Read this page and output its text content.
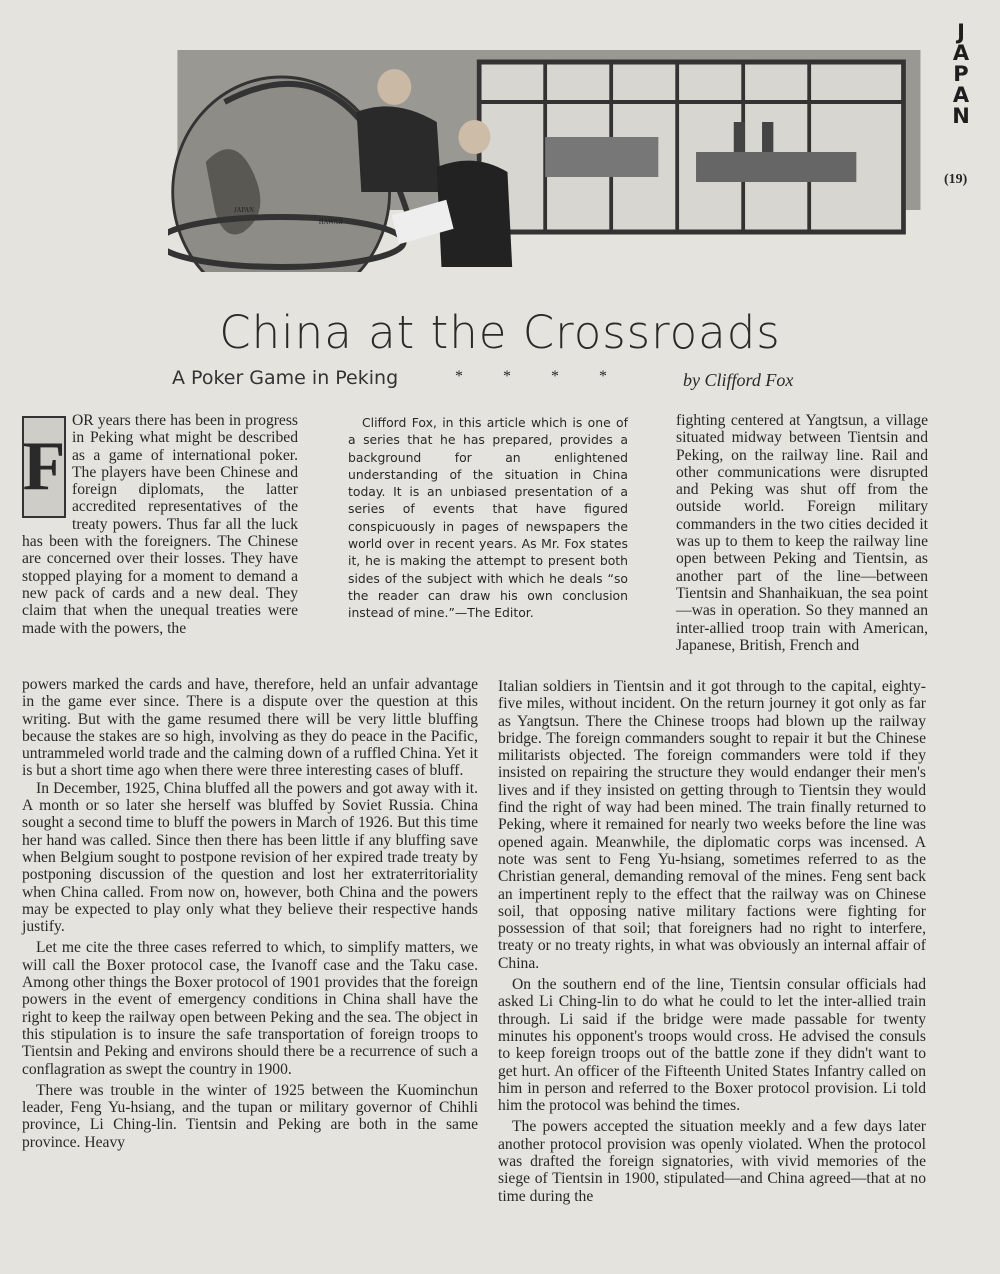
J
A
P
A
N
(19)
JAPAN
HAWAII
China at the Crossroads
A Poker Game in Peking	* * * *	by Clifford Fox
F

OR years there has been in progress in Peking what might be described as a game of international poker. The players have been Chinese and foreign diplomats, the latter accredited representatives of the treaty powers. Thus far all the luck has been with the foreigners. The Chinese are concerned over their losses. They have stopped playing for a moment to demand a new pack of cards and a new deal. They claim that when the unequal treaties were made with the powers, the

Clifford Fox, in this article which is one of a series that he has prepared, provides a background for an enlightened understanding of the situation in China today. It is an unbiased presentation of a series of events that have figured conspicuously in pages of newspapers the world over in recent years. As Mr. Fox states it, he is making the attempt to present both sides of the subject with which he deals “so the reader can draw his own conclusion instead of mine.”—The Editor.

fighting centered at Yangtsun, a village situated midway between Tientsin and Peking, on the railway line. Rail and other communications were disrupted and Peking was shut off from the outside world. Foreign military commanders in the two cities decided it was up to them to keep the railway line open between Peking and Tientsin, as another part of the line—between Tientsin and Shanhaikuan, the sea point—was in operation. So they manned an inter-allied troop train with American, Japanese, British, French and

powers marked the cards and have, therefore, held an unfair advantage in the game ever since. There is a dispute over the question at this writing. But with the game resumed there will be very little bluffing because the stakes are so high, involving as they do peace in the Pacific, untrammeled world trade and the calming down of a ruffled China. Yet it is but a short time ago when there were three interesting cases of bluff.

In December, 1925, China bluffed all the powers and got away with it. A month or so later she herself was bluffed by Soviet Russia. China sought a second time to bluff the powers in March of 1926. But this time her hand was called. Since then there has been little if any bluffing save when Belgium sought to postpone revision of her expired trade treaty by postponing discussion of the question and lost her extraterritoriality when China called. From now on, however, both China and the powers may be expected to play only what they believe their respective hands justify.

Let me cite the three cases referred to which, to simplify matters, we will call the Boxer protocol case, the Ivanoff case and the Taku case. Among other things the Boxer protocol of 1901 provides that the foreign powers in the event of emergency conditions in China shall have the right to keep the railway open between Peking and the sea. The object in this stipulation is to insure the safe transportation of foreign troops to Tientsin and Peking and environs should there be a recurrence of such a conflagration as swept the country in 1900.

There was trouble in the winter of 1925 between the Kuominchun leader, Feng Yu-hsiang, and the tupan or military governor of Chihli province, Li Ching-lin. Tientsin and Peking are both in the same province. Heavy

Italian soldiers in Tientsin and it got through to the capital, eighty-five miles, without incident. On the return journey it got only as far as Yangtsun. There the Chinese troops had blown up the railway bridge. The foreign commanders sought to repair it but the Chinese militarists objected. The foreign commanders were told if they insisted on repairing the structure they would endanger their men's lives and if they insisted on getting through to Tientsin they would find the right of way had been mined. The train finally returned to Peking, where it remained for nearly two weeks before the line was opened again. Meanwhile, the diplomatic corps was incensed. A note was sent to Feng Yu-hsiang, sometimes referred to as the Christian general, demanding removal of the mines. Feng sent back an impertinent reply to the effect that the railway was on Chinese soil, that opposing native military factions were fighting for possession of that soil; that foreigners had no right to interfere, treaty or no treaty rights, in what was obviously an internal affair of China.

On the southern end of the line, Tientsin consular officials had asked Li Ching-lin to do what he could to let the inter-allied train through. Li said if the bridge were made passable for twenty minutes his opponent's troops would cross. He advised the consuls to keep foreign troops out of the battle zone if they didn't want to get hurt. An officer of the Fifteenth United States Infantry called on him in person and referred to the Boxer protocol provision. Li told him the protocol was behind the times.

The powers accepted the situation meekly and a few days later another protocol provision was openly violated. When the protocol was drafted the foreign signatories, with vivid memories of the siege of Tientsin in 1900, stipulated—and China agreed—that at no time during the
